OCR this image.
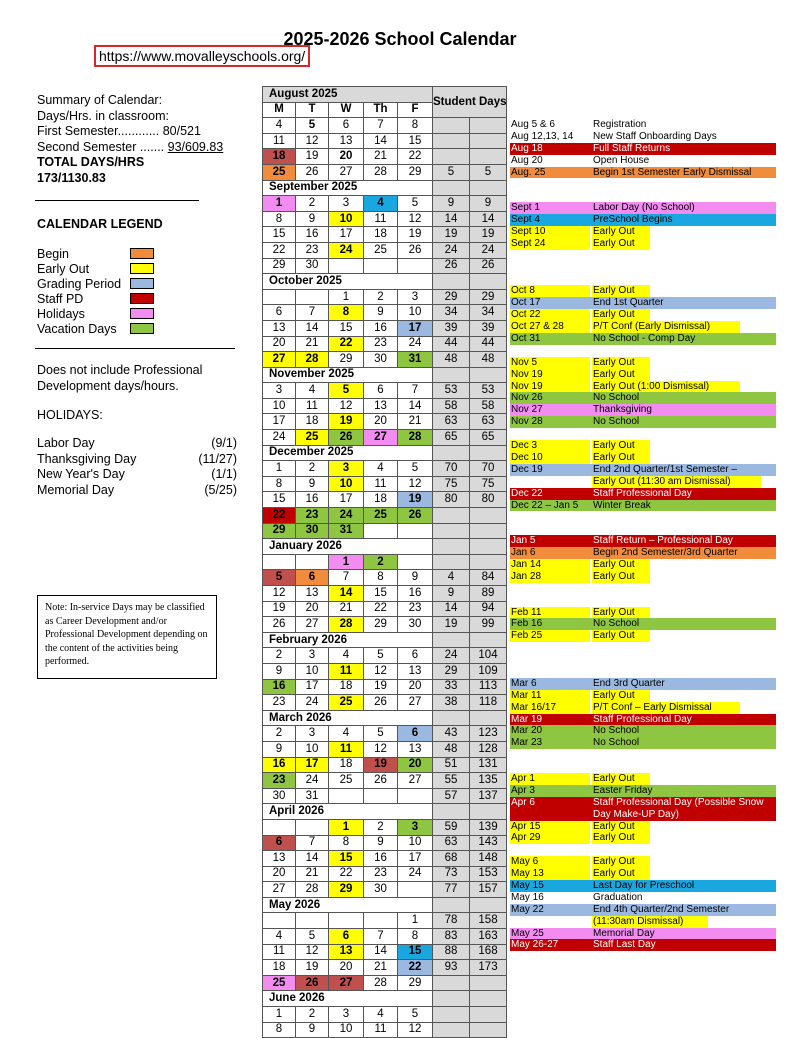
2025-2026 School Calendar
https://www.movalleyschools.org/
Summary of Calendar:
Days/Hrs. in classroom:
First Semester............ 80/521
Second Semester ....... 93/609.83
TOTAL DAYS/HRS
173/1130.83
CALENDAR LEGEND
Begin
Early Out
Grading Period
Staff PD
Holidays
Vacation Days
Does not include Professional
Development days/hours.
HOLIDAYS:
Labor Day	(9/1)
Thanksgiving Day	(11/27)
New Year's Day	(1/1)
Memorial Day	(5/25)
Note: In-service Days may be classified as Career Development and/or Professional Development depending on the content of the activities being performed.
August 2025					Student Days	
M	T	W	Th	F		
4	5	6	7	8		
11	12	13	14	15		
18	19	20	21	22		
25	26	27	28	29	5	5
September 2025						
1	2	3	4	5	9	9
8	9	10	11	12	14	14
15	16	17	18	19	19	19
22	23	24	25	26	24	24
29	30				26	26
October 2025						
		1	2	3	29	29
6	7	8	9	10	34	34
13	14	15	16	17	39	39
20	21	22	23	24	44	44
27	28	29	30	31	48	48
November 2025						
3	4	5	6	7	53	53
10	11	12	13	14	58	58
17	18	19	20	21	63	63
24	25	26	27	28	65	65
December 2025						
1	2	3	4	5	70	70
8	9	10	11	12	75	75
15	16	17	18	19	80	80
22	23	24	25	26		
29	30	31				
January 2026						
		1	2			
5	6	7	8	9	4	84
12	13	14	15	16	9	89
19	20	21	22	23	14	94
26	27	28	29	30	19	99
February 2026						
2	3	4	5	6	24	104
9	10	11	12	13	29	109
16	17	18	19	20	33	113
23	24	25	26	27	38	118
March 2026						
2	3	4	5	6	43	123
9	10	11	12	13	48	128
16	17	18	19	20	51	131
23	24	25	26	27	55	135
30	31				57	137
April 2026						
		1	2	3	59	139
6	7	8	9	10	63	143
13	14	15	16	17	68	148
20	21	22	23	24	73	153
27	28	29	30		77	157
May 2026						
				1	78	158
4	5	6	7	8	83	163
11	12	13	14	15	88	168
18	19	20	21	22	93	173
25	26	27	28	29		
June 2026						
1	2	3	4	5		
8	9	10	11	12		
Aug 5 & 6	Registration
Aug 12,13, 14 New Staff Onboarding Days
Aug 18	Full Staff Returns
Aug 20	Open House
Aug. 25	Begin 1st Semester Early Dismissal
Sept 1	Labor Day (No School)
Sept 4	PreSchool Begins
Sept 10	Early Out
Sept 24	Early Out
Oct 8	Early Out
Oct 17	End 1st Quarter
Oct 22	Early Out
Oct 27 & 28	P/T Conf (Early Dismissal)
Oct 31	No School - Comp Day
Nov 5	Early Out
Nov 19	Early Out
Nov 19	Early Out (1:00 Dismissal)
Nov 26	No School
Nov 27	Thanksgiving
Nov 28	No School
Dec 3	Early Out
Dec 10	Early Out
Dec 19	End 2nd Quarter/1st Semester –
Early Out (11:30 am Dismissal)
Dec 22	Staff Professional Day
Dec 22 – Jan 5 Winter Break
Jan 5	Staff Return – Professional Day
Jan 6	Begin 2nd Semester/3rd Quarter
Jan 14	Early Out
Jan 28	Early Out
Feb 11	Early Out
Feb 16	No School
Feb 25	Early Out
Mar 6	End 3rd Quarter
Mar 11	Early Out
Mar 16/17	P/T Conf – Early Dismissal
Mar 19	Staff Professional Day
Mar 20	No School
Mar 23	No School
Apr 1	Early Out
Apr 3	Easter Friday
Apr 6	Staff Professional Day (Possible Snow
Day Make-UP Day)
Apr 15	Early Out
Apr 29	Early Out
May 6	Early Out
May 13	Early Out
May 15	Last Day for Preschool
May 16	Graduation
May 22	End 4th Quarter/2nd Semester
(11:30am Dismissal)
May 25	Memorial Day
May 26-27	Staff Last Day
